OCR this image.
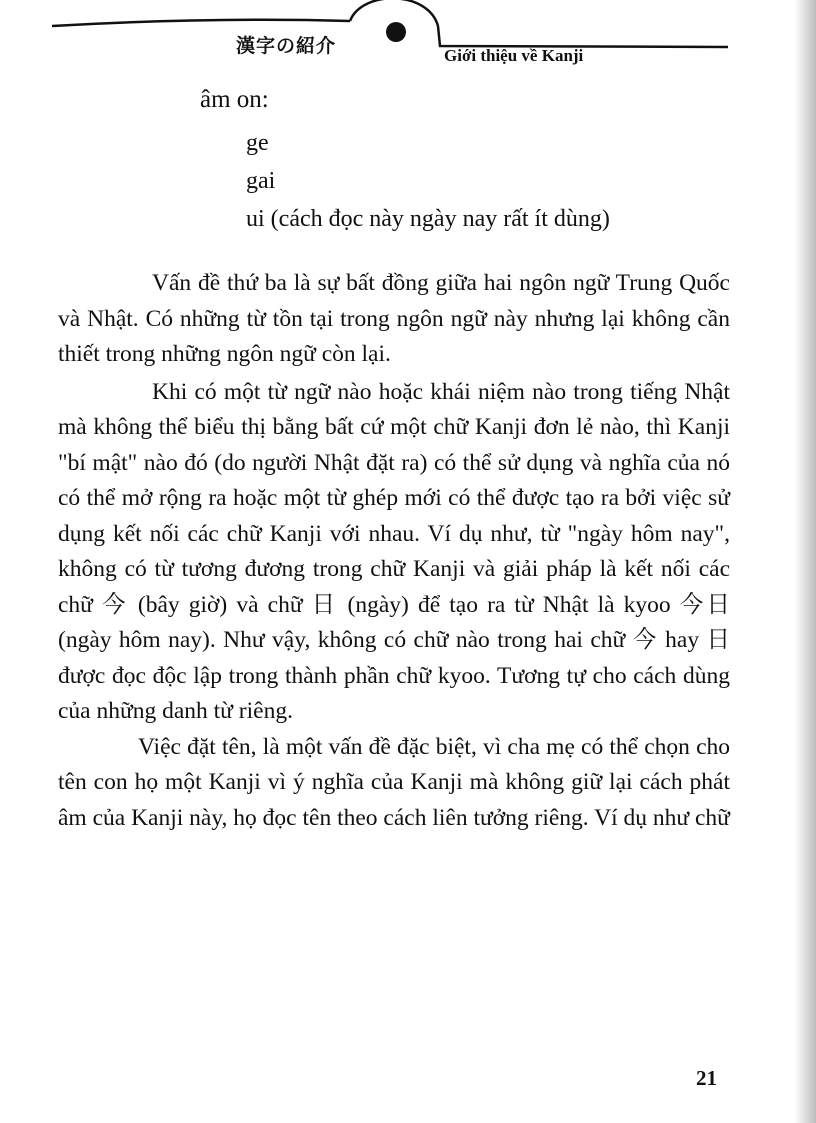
漢字の紹介	Giới thiệu về Kanji
âm on:
ge
gai
ui (cách đọc này ngày nay rất ít dùng)

Vấn đề thứ ba là sự bất đồng giữa hai ngôn ngữ Trung Quốc và Nhật. Có những từ tồn tại trong ngôn ngữ này nhưng lại không cần thiết trong những ngôn ngữ còn lại.

Khi có một từ ngữ nào hoặc khái niệm nào trong tiếng Nhật mà không thể biểu thị bằng bất cứ một chữ Kanji đơn lẻ nào, thì Kanji "bí mật" nào đó (do người Nhật đặt ra) có thể sử dụng và nghĩa của nó có thể mở rộng ra hoặc một từ ghép mới có thể được tạo ra bởi việc sử dụng kết nối các chữ Kanji với nhau. Ví dụ như, từ "ngày hôm nay", không có từ tương đương trong chữ Kanji và giải pháp là kết nối các chữ 今 (bây giờ) và chữ 日 (ngày) để tạo ra từ Nhật là kyoo 今日 (ngày hôm nay). Như vậy, không có chữ nào trong hai chữ 今 hay 日 được đọc độc lập trong thành phần chữ kyoo. Tương tự cho cách dùng của những danh từ riêng.

Việc đặt tên, là một vấn đề đặc biệt, vì cha mẹ có thể chọn cho tên con họ một Kanji vì ý nghĩa của Kanji mà không giữ lại cách phát âm của Kanji này, họ đọc tên theo cách liên tưởng riêng. Ví dụ như chữ

21
